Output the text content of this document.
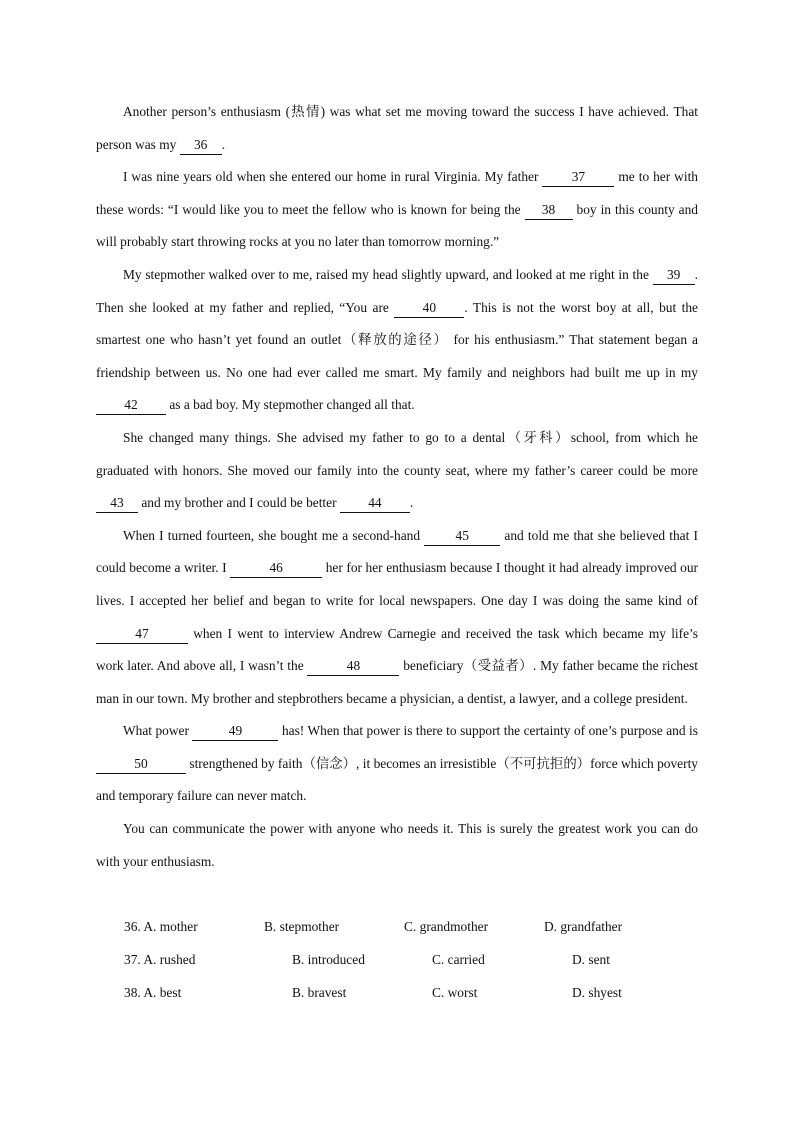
Another person’s enthusiasm (热情) was what set me moving toward the success I have achieved. That person was my 36 .

I was nine years old when she entered our home in rural Virginia. My father 37 me to her with these words: “I would like you to meet the fellow who is known for being the 38 boy in this county and will probably start throwing rocks at you no later than tomorrow morning.”

My stepmother walked over to me, raised my head slightly upward, and looked at me right in the 39 . Then she looked at my father and replied, “You are 40 . This is not the worst boy at all, but the smartest one who hasn’t yet found an outlet（释放的途径） for his enthusiasm.” That statement began a friendship between us. No one had ever called me smart. My family and neighbors had built me up in my 42 as a bad boy. My stepmother changed all that.

She changed many things. She advised my father to go to a dental（牙科）school, from which he graduated with honors. She moved our family into the county seat, where my father’s career could be more 43 and my brother and I could be better 44 .

When I turned fourteen, she bought me a second-hand 45 and told me that she believed that I could become a writer. I	46	her for her enthusiasm because I thought it had already improved our lives. I accepted her belief and began to write for local newspapers. One day I was doing the same kind of 47	when I went to interview Andrew Carnegie and received the task which became my life’s work later. And above all, I wasn’t the	48	beneficiary（受益者）. My father became the richest man in our town. My brother and stepbrothers became a physician, a dentist, a lawyer, and a college president.

What power	49	has! When that power is there to support the certainty of one’s purpose and is 50	strengthened by faith（信念）, it becomes an irresistible（不可抗拒的）force which poverty and temporary failure can never match.

You can communicate the power with anyone who needs it. This is surely the greatest work you can do with your enthusiasm.

36. A. mother	B. stepmother	C. grandmother	D. grandfather
37. A. rushed	B. introduced	C. carried	D. sent
38. A. best	B. bravest	C. worst	D. shyest
